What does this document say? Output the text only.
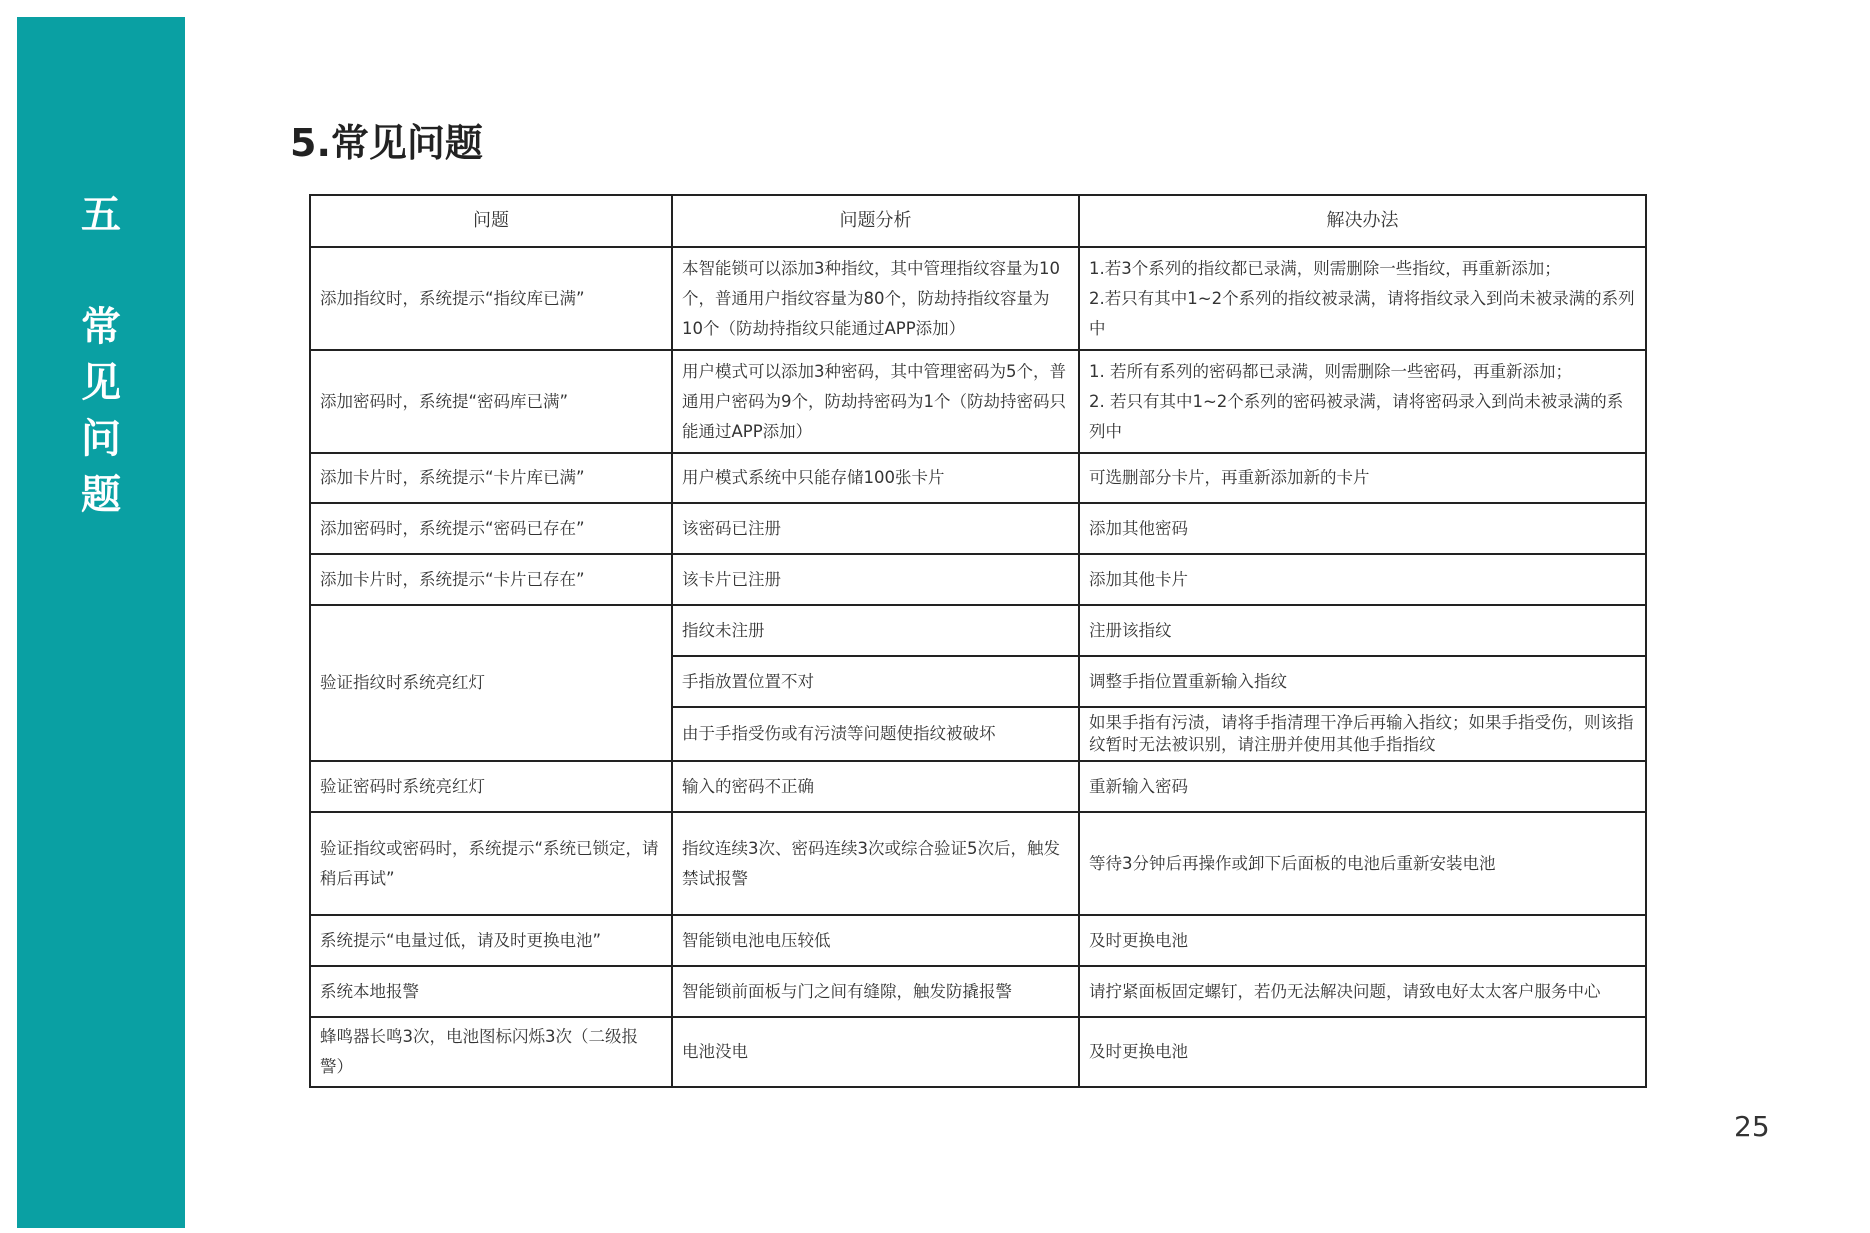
五
常
见
问
题
5.常见问题
问题	问题分析	解决办法
添加指纹时，系统提示“指纹库已满”	本智能锁可以添加3种指纹，其中管理指纹容量为10个，普通用户指纹容量为80个，防劫持指纹容量为10个（防劫持指纹只能通过APP添加）	1.若3个系列的指纹都已录满，则需删除一些指纹，再重新添加；
2.若只有其中1~2个系列的指纹被录满，请将指纹录入到尚未被录满的系列中
添加密码时，系统提“密码库已满”	用户模式可以添加3种密码，其中管理密码为5个，普通用户密码为9个，防劫持密码为1个（防劫持密码只能通过APP添加）	1. 若所有系列的密码都已录满，则需删除一些密码，再重新添加；
2. 若只有其中1~2个系列的密码被录满，请将密码录入到尚未被录满的系列中
添加卡片时，系统提示“卡片库已满”	用户模式系统中只能存储100张卡片	可选删部分卡片，再重新添加新的卡片
添加密码时，系统提示“密码已存在”	该密码已注册	添加其他密码
添加卡片时，系统提示“卡片已存在”	该卡片已注册	添加其他卡片
验证指纹时系统亮红灯	指纹未注册	注册该指纹
	手指放置位置不对	调整手指位置重新输入指纹
	由于手指受伤或有污渍等问题使指纹被破坏	如果手指有污渍，请将手指清理干净后再输入指纹；如果手指受伤，则该指纹暂时无法被识别，请注册并使用其他手指指纹
验证密码时系统亮红灯	输入的密码不正确	重新输入密码
验证指纹或密码时，系统提示“系统已锁定，请稍后再试”	指纹连续3次、密码连续3次或综合验证5次后，触发禁试报警	等待3分钟后再操作或卸下后面板的电池后重新安装电池
系统提示“电量过低，请及时更换电池”	智能锁电池电压较低	及时更换电池
系统本地报警	智能锁前面板与门之间有缝隙，触发防撬报警	请拧紧面板固定螺钉，若仍无法解决问题，请致电好太太客户服务中心
蜂鸣器长鸣3次，电池图标闪烁3次（二级报警）	电池没电	及时更换电池
25
